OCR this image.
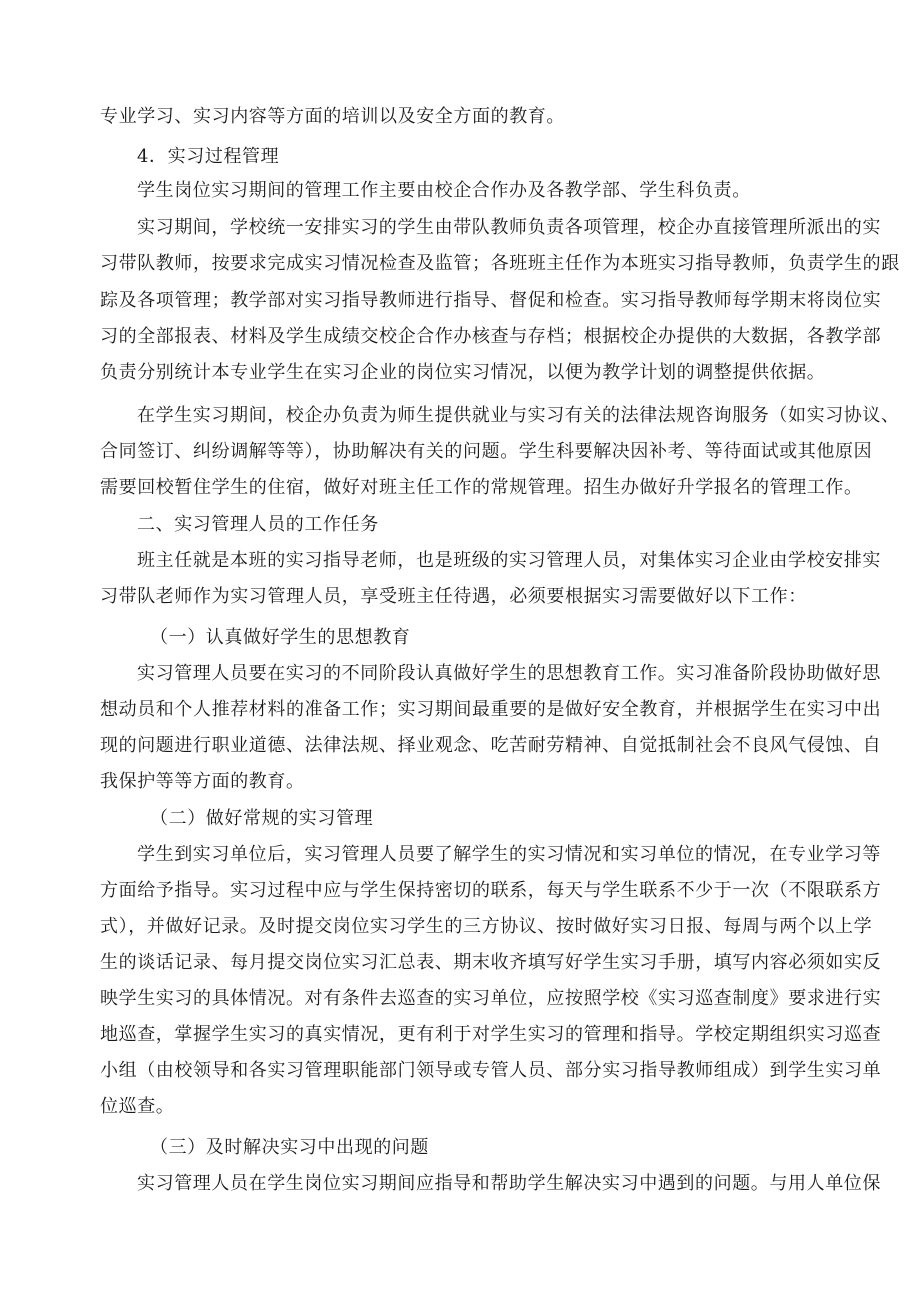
专业学习、实习内容等方面的培训以及安全方面的教育。
4．实习过程管理
学生岗位实习期间的管理工作主要由校企合作办及各教学部、学生科负责。
实习期间，学校统一安排实习的学生由带队教师负责各项管理，校企办直接管理所派出的实
习带队教师，按要求完成实习情况检查及监管；各班班主任作为本班实习指导教师，负责学生的跟
踪及各项管理；教学部对实习指导教师进行指导、督促和检查。实习指导教师每学期末将岗位实
习的全部报表、材料及学生成绩交校企合作办核查与存档；根据校企办提供的大数据，各教学部
负责分别统计本专业学生在实习企业的岗位实习情况，以便为教学计划的调整提供依据。
在学生实习期间，校企办负责为师生提供就业与实习有关的法律法规咨询服务（如实习协议、
合同签订、纠纷调解等等），协助解决有关的问题。学生科要解决因补考、等待面试或其他原因
需要回校暂住学生的住宿，做好对班主任工作的常规管理。招生办做好升学报名的管理工作。
二、实习管理人员的工作任务
班主任就是本班的实习指导老师，也是班级的实习管理人员，对集体实习企业由学校安排实
习带队老师作为实习管理人员，享受班主任待遇，必须要根据实习需要做好以下工作：
（一）认真做好学生的思想教育
实习管理人员要在实习的不同阶段认真做好学生的思想教育工作。实习准备阶段协助做好思
想动员和个人推荐材料的准备工作；实习期间最重要的是做好安全教育，并根据学生在实习中出
现的问题进行职业道德、法律法规、择业观念、吃苦耐劳精神、自觉抵制社会不良风气侵蚀、自
我保护等等方面的教育。
（二）做好常规的实习管理
学生到实习单位后，实习管理人员要了解学生的实习情况和实习单位的情况，在专业学习等
方面给予指导。实习过程中应与学生保持密切的联系，每天与学生联系不少于一次（不限联系方
式），并做好记录。及时提交岗位实习学生的三方协议、按时做好实习日报、每周与两个以上学
生的谈话记录、每月提交岗位实习汇总表、期末收齐填写好学生实习手册，填写内容必须如实反
映学生实习的具体情况。对有条件去巡查的实习单位，应按照学校《实习巡查制度》要求进行实
地巡查，掌握学生实习的真实情况，更有利于对学生实习的管理和指导。学校定期组织实习巡查
小组（由校领导和各实习管理职能部门领导或专管人员、部分实习指导教师组成）到学生实习单
位巡查。
（三）及时解决实习中出现的问题
实习管理人员在学生岗位实习期间应指导和帮助学生解决实习中遇到的问题。与用人单位保
